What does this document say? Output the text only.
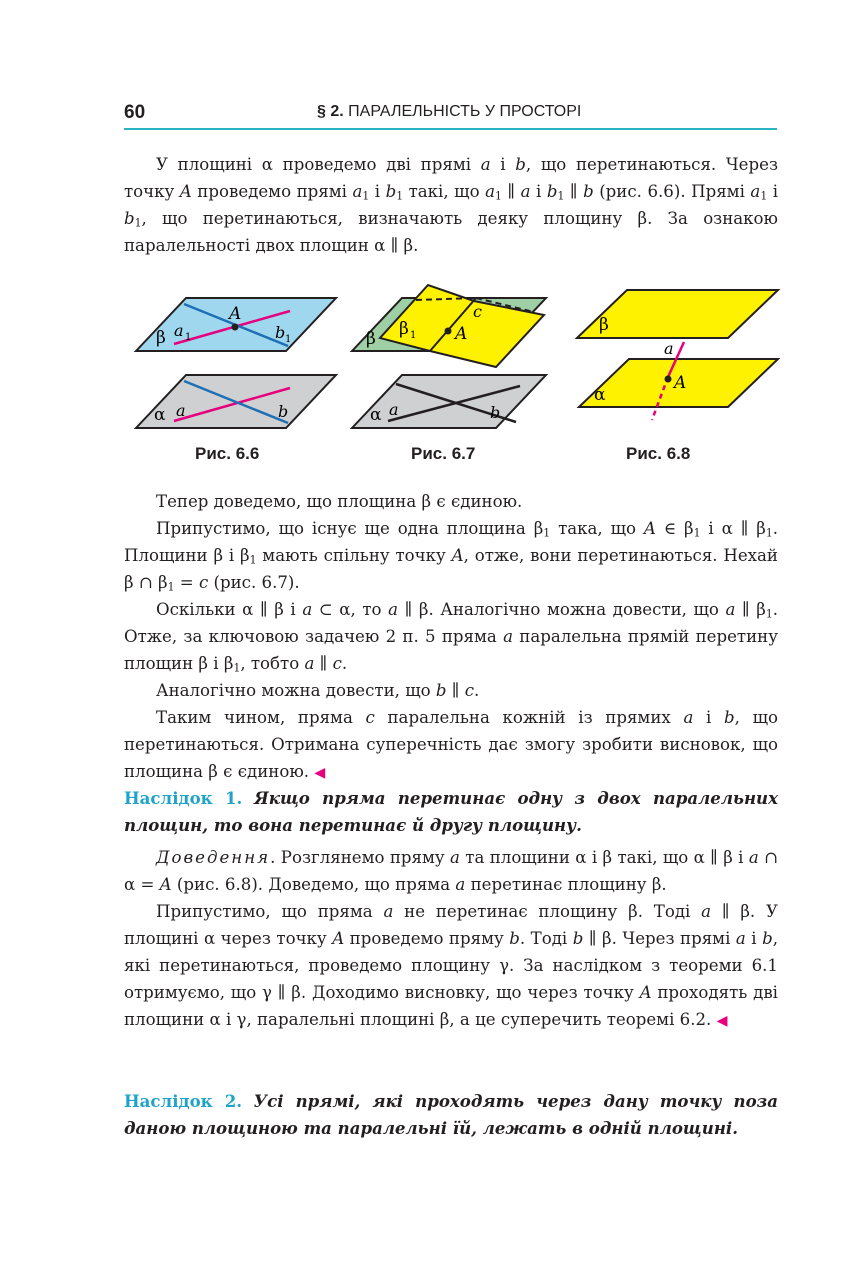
60	§ 2. ПАРАЛЕЛЬНІСТЬ У ПРОСТОРІ

У площині α проведемо дві прямі a і b, що перетинаються. Через точку A проведемо прямі $a_1$ і $b_1$ такі, що $a_1$ ∥ a і $b_1$ ∥ b (рис. 6.6). Прямі $a_1$ і $b_1$, що перетинаються, визначають деяку площину β. За ознакою паралельності двох площин α ∥ β.

A
β a 1	b 1
α a	b
A
c
β β 1
α a	b
A
a
β
α
Рис. 6.6	Рис. 6.7	Рис. 6.8

Тепер доведемо, що площина β є єдиною.

Припустимо, що існує ще одна площина $\beta_1$ така, що A ∈ $\beta_1$ і α ∥ $\beta_1$. Площини β і $\beta_1$ мають спільну точку A, отже, вони перетинаються. Нехай β ∩ $\beta_1 = c$ (рис. 6.7).

Оскільки α ∥ β і a ⊂ α, то a ∥ β. Аналогічно можна довести, що a ∥ $\beta_1$. Отже, за ключовою задачею 2 п. 5 пряма a паралельна прямій перетину площин β і $\beta_1$, тобто a ∥ c.

Аналогічно можна довести, що b ∥ c.

Таким чином, пряма c паралельна кожній із прямих a і b, що перетинаються. Отримана суперечність дає змогу зробити висновок, що площина β є єдиною. ◀

Наслідок 1. Якщо пряма перетинає одну з двох паралельних площин, то вона перетинає й другу площину.

Доведення. Розглянемо пряму a та площини α і β такі, що α ∥ β і a ∩ α = A (рис. 6.8). Доведемо, що пряма a перетинає площину β.

Припустимо, що пряма a не перетинає площину β. Тоді a ∥ β. У площині α через точку A проведемо пряму b. Тоді b ∥ β. Через прямі a і b, які перетинаються, проведемо площину γ. За наслідком з теореми 6.1 отримуємо, що γ ∥ β. Доходимо висновку, що через точку A проходять дві площини α і γ, паралельні площині β, а це суперечить теоремі 6.2. ◀

Наслідок 2. Усі прямі, які проходять через дану точку поза даною площиною та паралельні їй, лежать в одній площині.
